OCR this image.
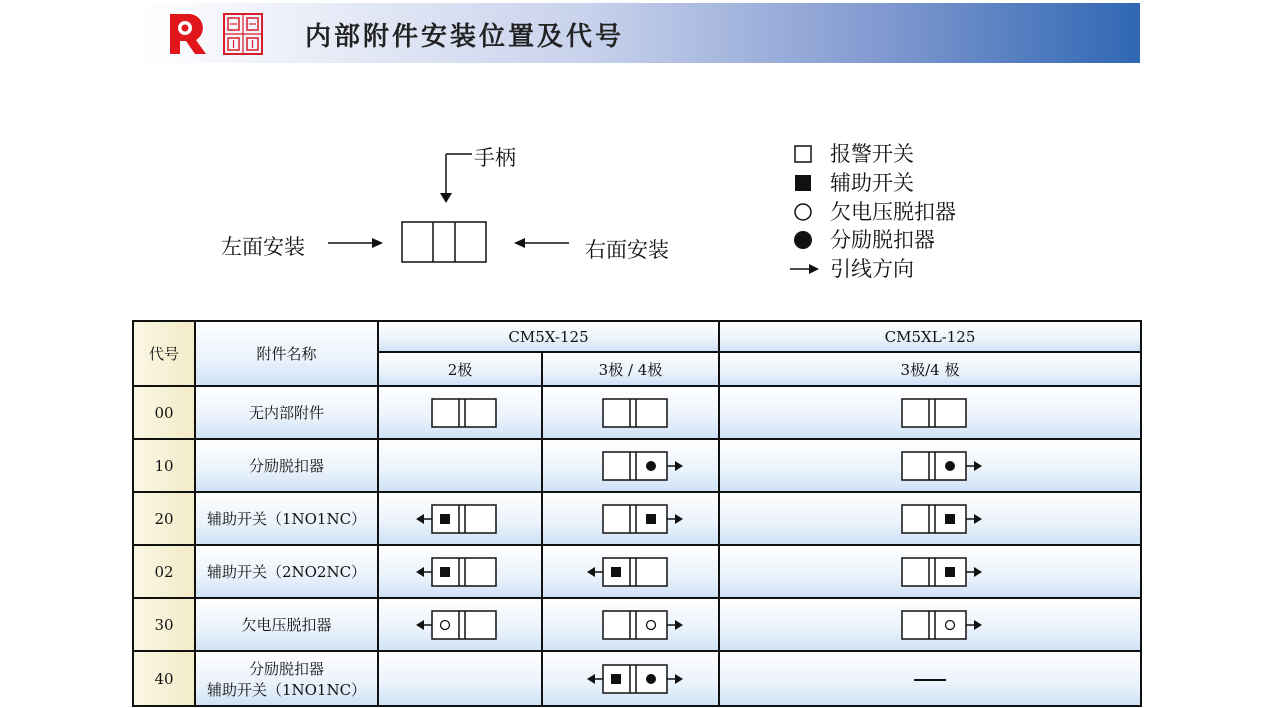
内部附件安装位置及代号
手柄
左面安装	右面安装
报警开关
辅助开关
欠电压脱扣器
分励脱扣器
引线方向
代号	附件名称	CM5X-125		CM5XL-125
		2极	3极 / 4极	3极/4 极
00	无内部附件

10	分励脱扣器

20	辅助开关（1NO1NC）

02	辅助开关（2NO2NC）

30	欠电压脱扣器

40	分励脱扣器
辅助开关（1NO1NC）
